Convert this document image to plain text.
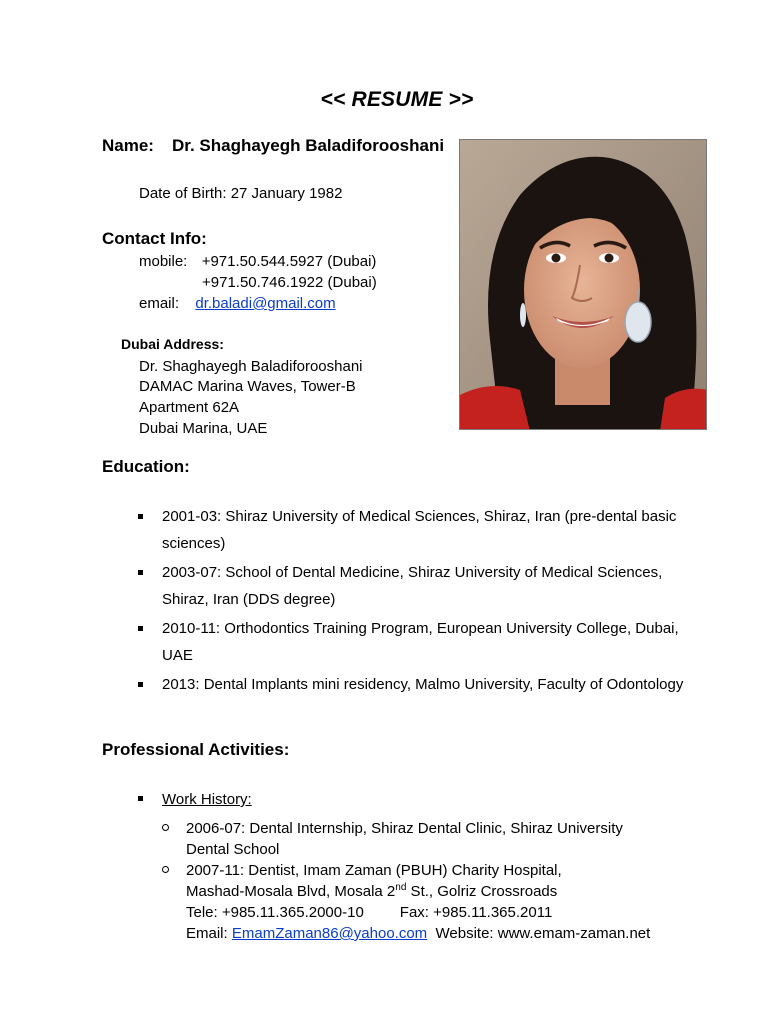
<< RESUME >>
Name: Dr. Shaghayegh Baladiforooshani
Date of Birth: 27 January 1982
Contact Info:
mobile: +971.50.544.5927 (Dubai)
+971.50.746.1922 (Dubai)
email: dr.baladi@gmail.com
Dubai Address:
Dr. Shaghayegh Baladiforooshani
DAMAC Marina Waves, Tower-B
Apartment 62A
Dubai Marina, UAE
Education:
2001-03: Shiraz University of Medical Sciences, Shiraz, Iran (pre-dental basic sciences)
2003-07: School of Dental Medicine, Shiraz University of Medical Sciences, Shiraz, Iran (DDS degree)
2010-11: Orthodontics Training Program, European University College, Dubai, UAE
2013: Dental Implants mini residency, Malmo University, Faculty of Odontology
Professional Activities:
Work History:
2006-07: Dental Internship, Shiraz Dental Clinic, Shiraz University
Dental School
2007-11: Dentist, Imam Zaman (PBUH) Charity Hospital,
Mashad-Mosala Blvd, Mosala 2nd St., Golriz Crossroads
Tele: +985.11.365.2000-10 Fax: +985.11.365.2011
Email: EmamZaman86@yahoo.com Website: www.emam-zaman.net
